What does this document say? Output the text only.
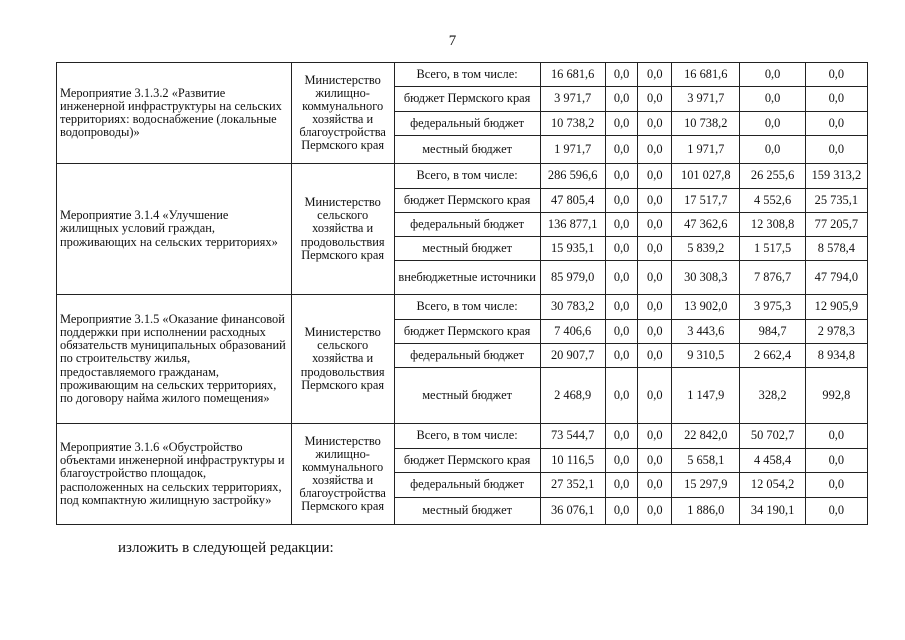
7
Мероприятие 3.1.3.2 «Развитие инженерной инфраструктуры на сельских территориях: водоснабжение (локальные водопроводы)»	Министерство жилищно-коммунального хозяйства и благоустройства Пермского края	Всего, в том числе:	16 681,6	0,0	0,0	16 681,6	0,0	0,0
		бюджет Пермского края	3 971,7	0,0	0,0	3 971,7	0,0	0,0
		федеральный бюджет	10 738,2	0,0	0,0	10 738,2	0,0	0,0
		местный бюджет	1 971,7	0,0	0,0	1 971,7	0,0	0,0
Мероприятие 3.1.4 «Улучшение жилищных условий граждан, проживающих на сельских территориях»	Министерство сельского хозяйства и продовольствия Пермского края	Всего, в том числе:	286 596,6	0,0	0,0	101 027,8	26 255,6	159 313,2
		бюджет Пермского края	47 805,4	0,0	0,0	17 517,7	4 552,6	25 735,1
		федеральный бюджет	136 877,1	0,0	0,0	47 362,6	12 308,8	77 205,7
		местный бюджет	15 935,1	0,0	0,0	5 839,2	1 517,5	8 578,4
		внебюджетные источники	85 979,0	0,0	0,0	30 308,3	7 876,7	47 794,0
Мероприятие 3.1.5 «Оказание финансовой поддержки при исполнении расходных обязательств муниципальных образований по строительству жилья, предоставляемого гражданам, проживающим на сельских территориях, по договору найма жилого помещения»	Министерство сельского хозяйства и продовольствия Пермского края	Всего, в том числе:	30 783,2	0,0	0,0	13 902,0	3 975,3	12 905,9
		бюджет Пермского края	7 406,6	0,0	0,0	3 443,6	984,7	2 978,3
		федеральный бюджет	20 907,7	0,0	0,0	9 310,5	2 662,4	8 934,8
		местный бюджет	2 468,9	0,0	0,0	1 147,9	328,2	992,8
Мероприятие 3.1.6 «Обустройство объектами инженерной инфраструктуры и благоустройство площадок, расположенных на сельских территориях, под компактную жилищную застройку»	Министерство жилищно-коммунального хозяйства и благоустройства Пермского края	Всего, в том числе:	73 544,7	0,0	0,0	22 842,0	50 702,7	0,0
		бюджет Пермского края	10 116,5	0,0	0,0	5 658,1	4 458,4	0,0
		федеральный бюджет	27 352,1	0,0	0,0	15 297,9	12 054,2	0,0
		местный бюджет	36 076,1	0,0	0,0	1 886,0	34 190,1	0,0
изложить в следующей редакции:
